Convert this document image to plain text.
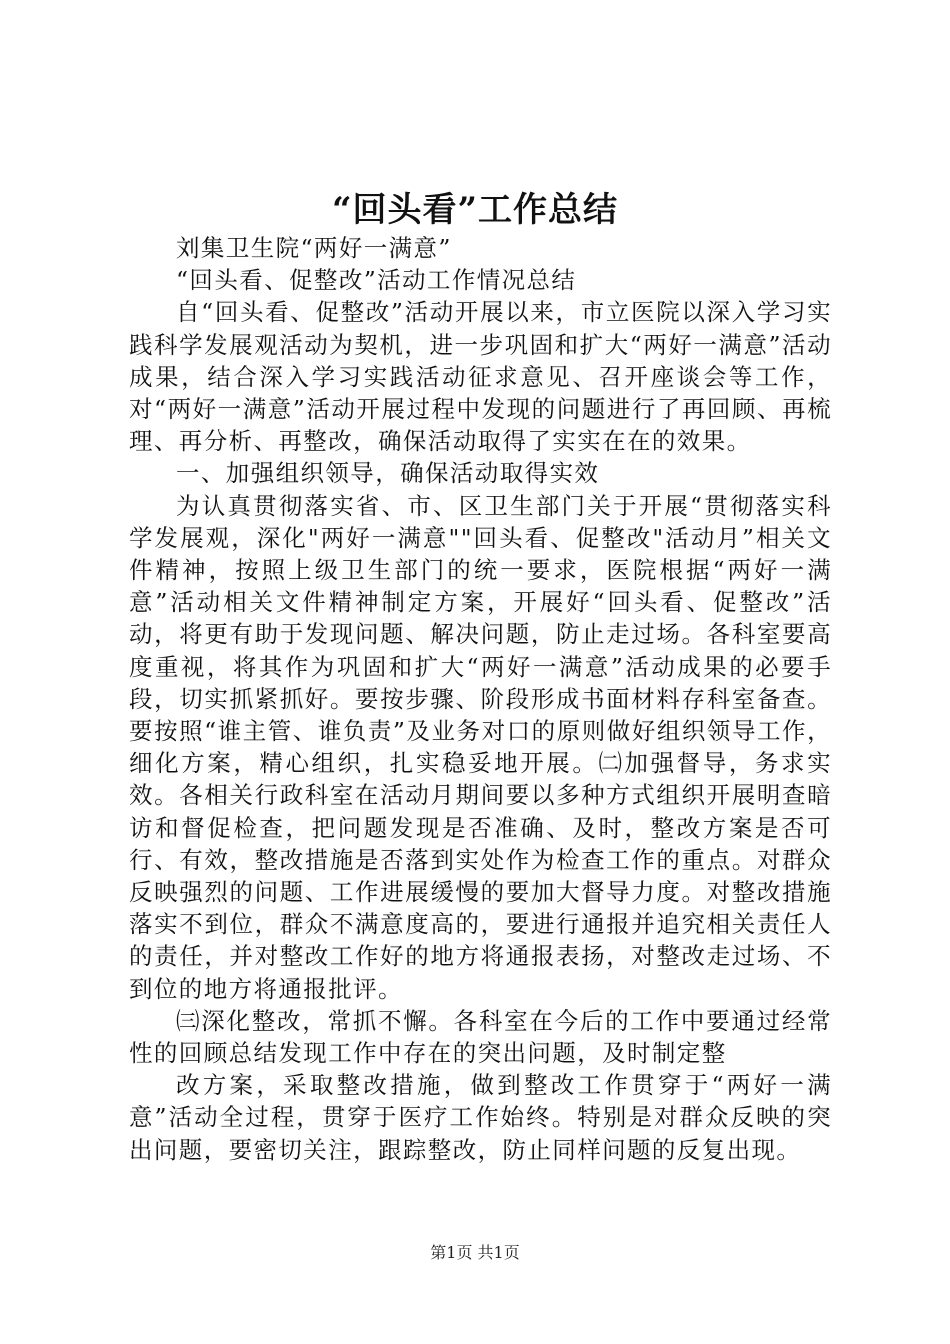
“回头看”工作总结

刘集卫生院“两好一满意”

“回头看、促整改”活动工作情况总结

自“回头看、促整改”活动开展以来，市立医院以深入学习实践科学发展观活动为契机，进一步巩固和扩大“两好一满意”活动成果，结合深入学习实践活动征求意见、召开座谈会等工作，对“两好一满意”活动开展过程中发现的问题进行了再回顾、再梳理、再分析、再整改，确保活动取得了实实在在的效果。

一、加强组织领导，确保活动取得实效

为认真贯彻落实省、市、区卫生部门关于开展“贯彻落实科学发展观，深化"两好一满意""回头看、促整改"活动月”相关文件精神，按照上级卫生部门的统一要求，医院根据“两好一满意”活动相关文件精神制定方案，开展好“回头看、促整改”活动，将更有助于发现问题、解决问题，防止走过场。各科室要高度重视，将其作为巩固和扩大“两好一满意”活动成果的必要手段，切实抓紧抓好。要按步骤、阶段形成书面材料存科室备查。要按照“谁主管、谁负责”及业务对口的原则做好组织领导工作，细化方案，精心组织，扎实稳妥地开展。㈡加强督导，务求实效。各相关行政科室在活动月期间要以多种方式组织开展明查暗访和督促检查，把问题发现是否准确、及时，整改方案是否可行、有效，整改措施是否落到实处作为检查工作的重点。对群众反映强烈的问题、工作进展缓慢的要加大督导力度。对整改措施落实不到位，群众不满意度高的，要进行通报并追究相关责任人的责任，并对整改工作好的地方将通报表扬，对整改走过场、不到位的地方将通报批评。

㈢深化整改，常抓不懈。各科室在今后的工作中要通过经常性的回顾总结发现工作中存在的突出问题，及时制定整

改方案，采取整改措施，做到整改工作贯穿于“两好一满意”活动全过程，贯穿于医疗工作始终。特别是对群众反映的突出问题，要密切关注，跟踪整改，防止同样问题的反复出现。

第1页 共1页
